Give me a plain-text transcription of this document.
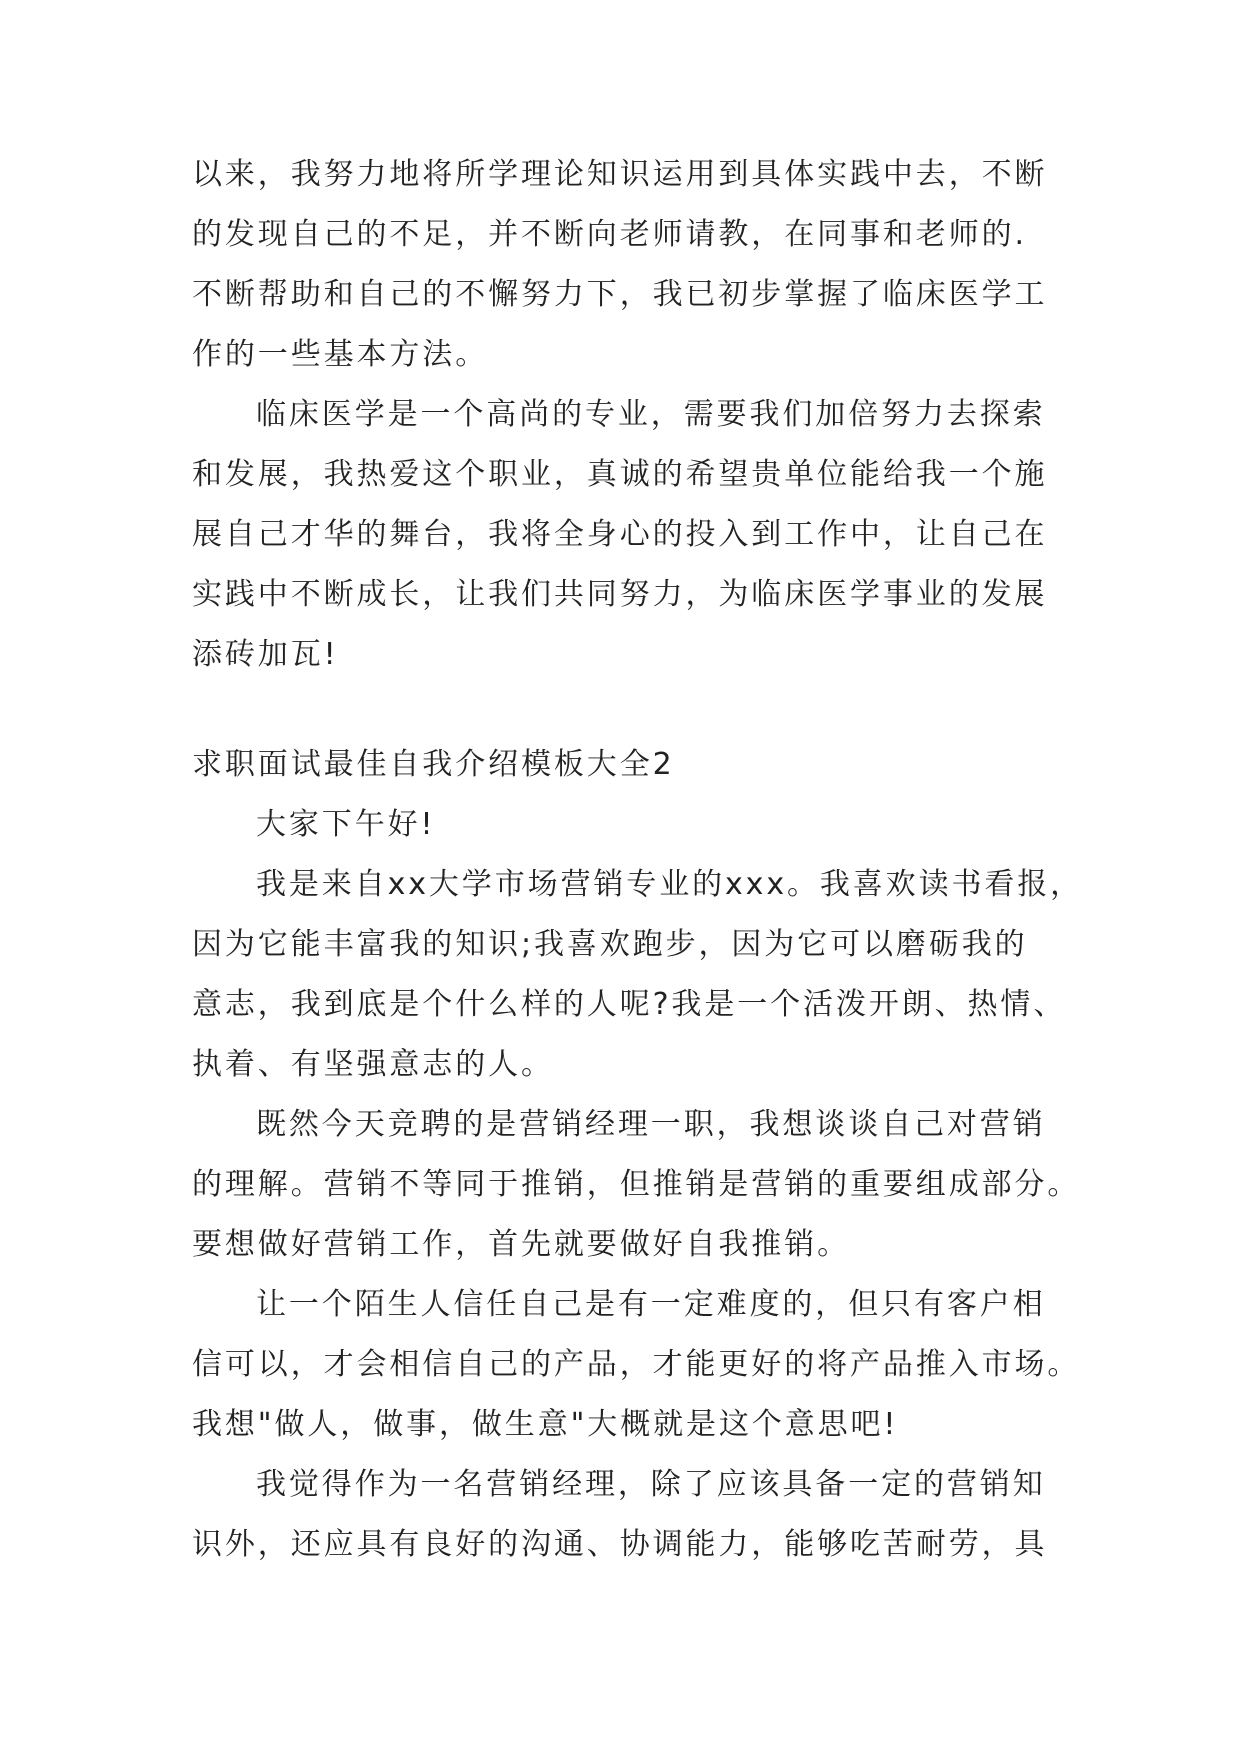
以来，我努力地将所学理论知识运用到具体实践中去，不断

的发现自己的不足，并不断向老师请教，在同事和老师的.

不断帮助和自己的不懈努力下，我已初步掌握了临床医学工

作的一些基本方法。

临床医学是一个高尚的专业，需要我们加倍努力去探索

和发展，我热爱这个职业，真诚的希望贵单位能给我一个施

展自己才华的舞台，我将全身心的投入到工作中，让自己在

实践中不断成长，让我们共同努力，为临床医学事业的发展

添砖加瓦!

求职面试最佳自我介绍模板大全2

大家下午好!

我是来自xx大学市场营销专业的xxx。我喜欢读书看报，

因为它能丰富我的知识;我喜欢跑步，因为它可以磨砺我的

意志，我到底是个什么样的人呢?我是一个活泼开朗、热情、

执着、有坚强意志的人。

既然今天竞聘的是营销经理一职，我想谈谈自己对营销

的理解。营销不等同于推销，但推销是营销的重要组成部分。

要想做好营销工作，首先就要做好自我推销。

让一个陌生人信任自己是有一定难度的，但只有客户相

信可以，才会相信自己的产品，才能更好的将产品推入市场。

我想"做人，做事，做生意"大概就是这个意思吧!

我觉得作为一名营销经理，除了应该具备一定的营销知

识外，还应具有良好的沟通、协调能力，能够吃苦耐劳，具
